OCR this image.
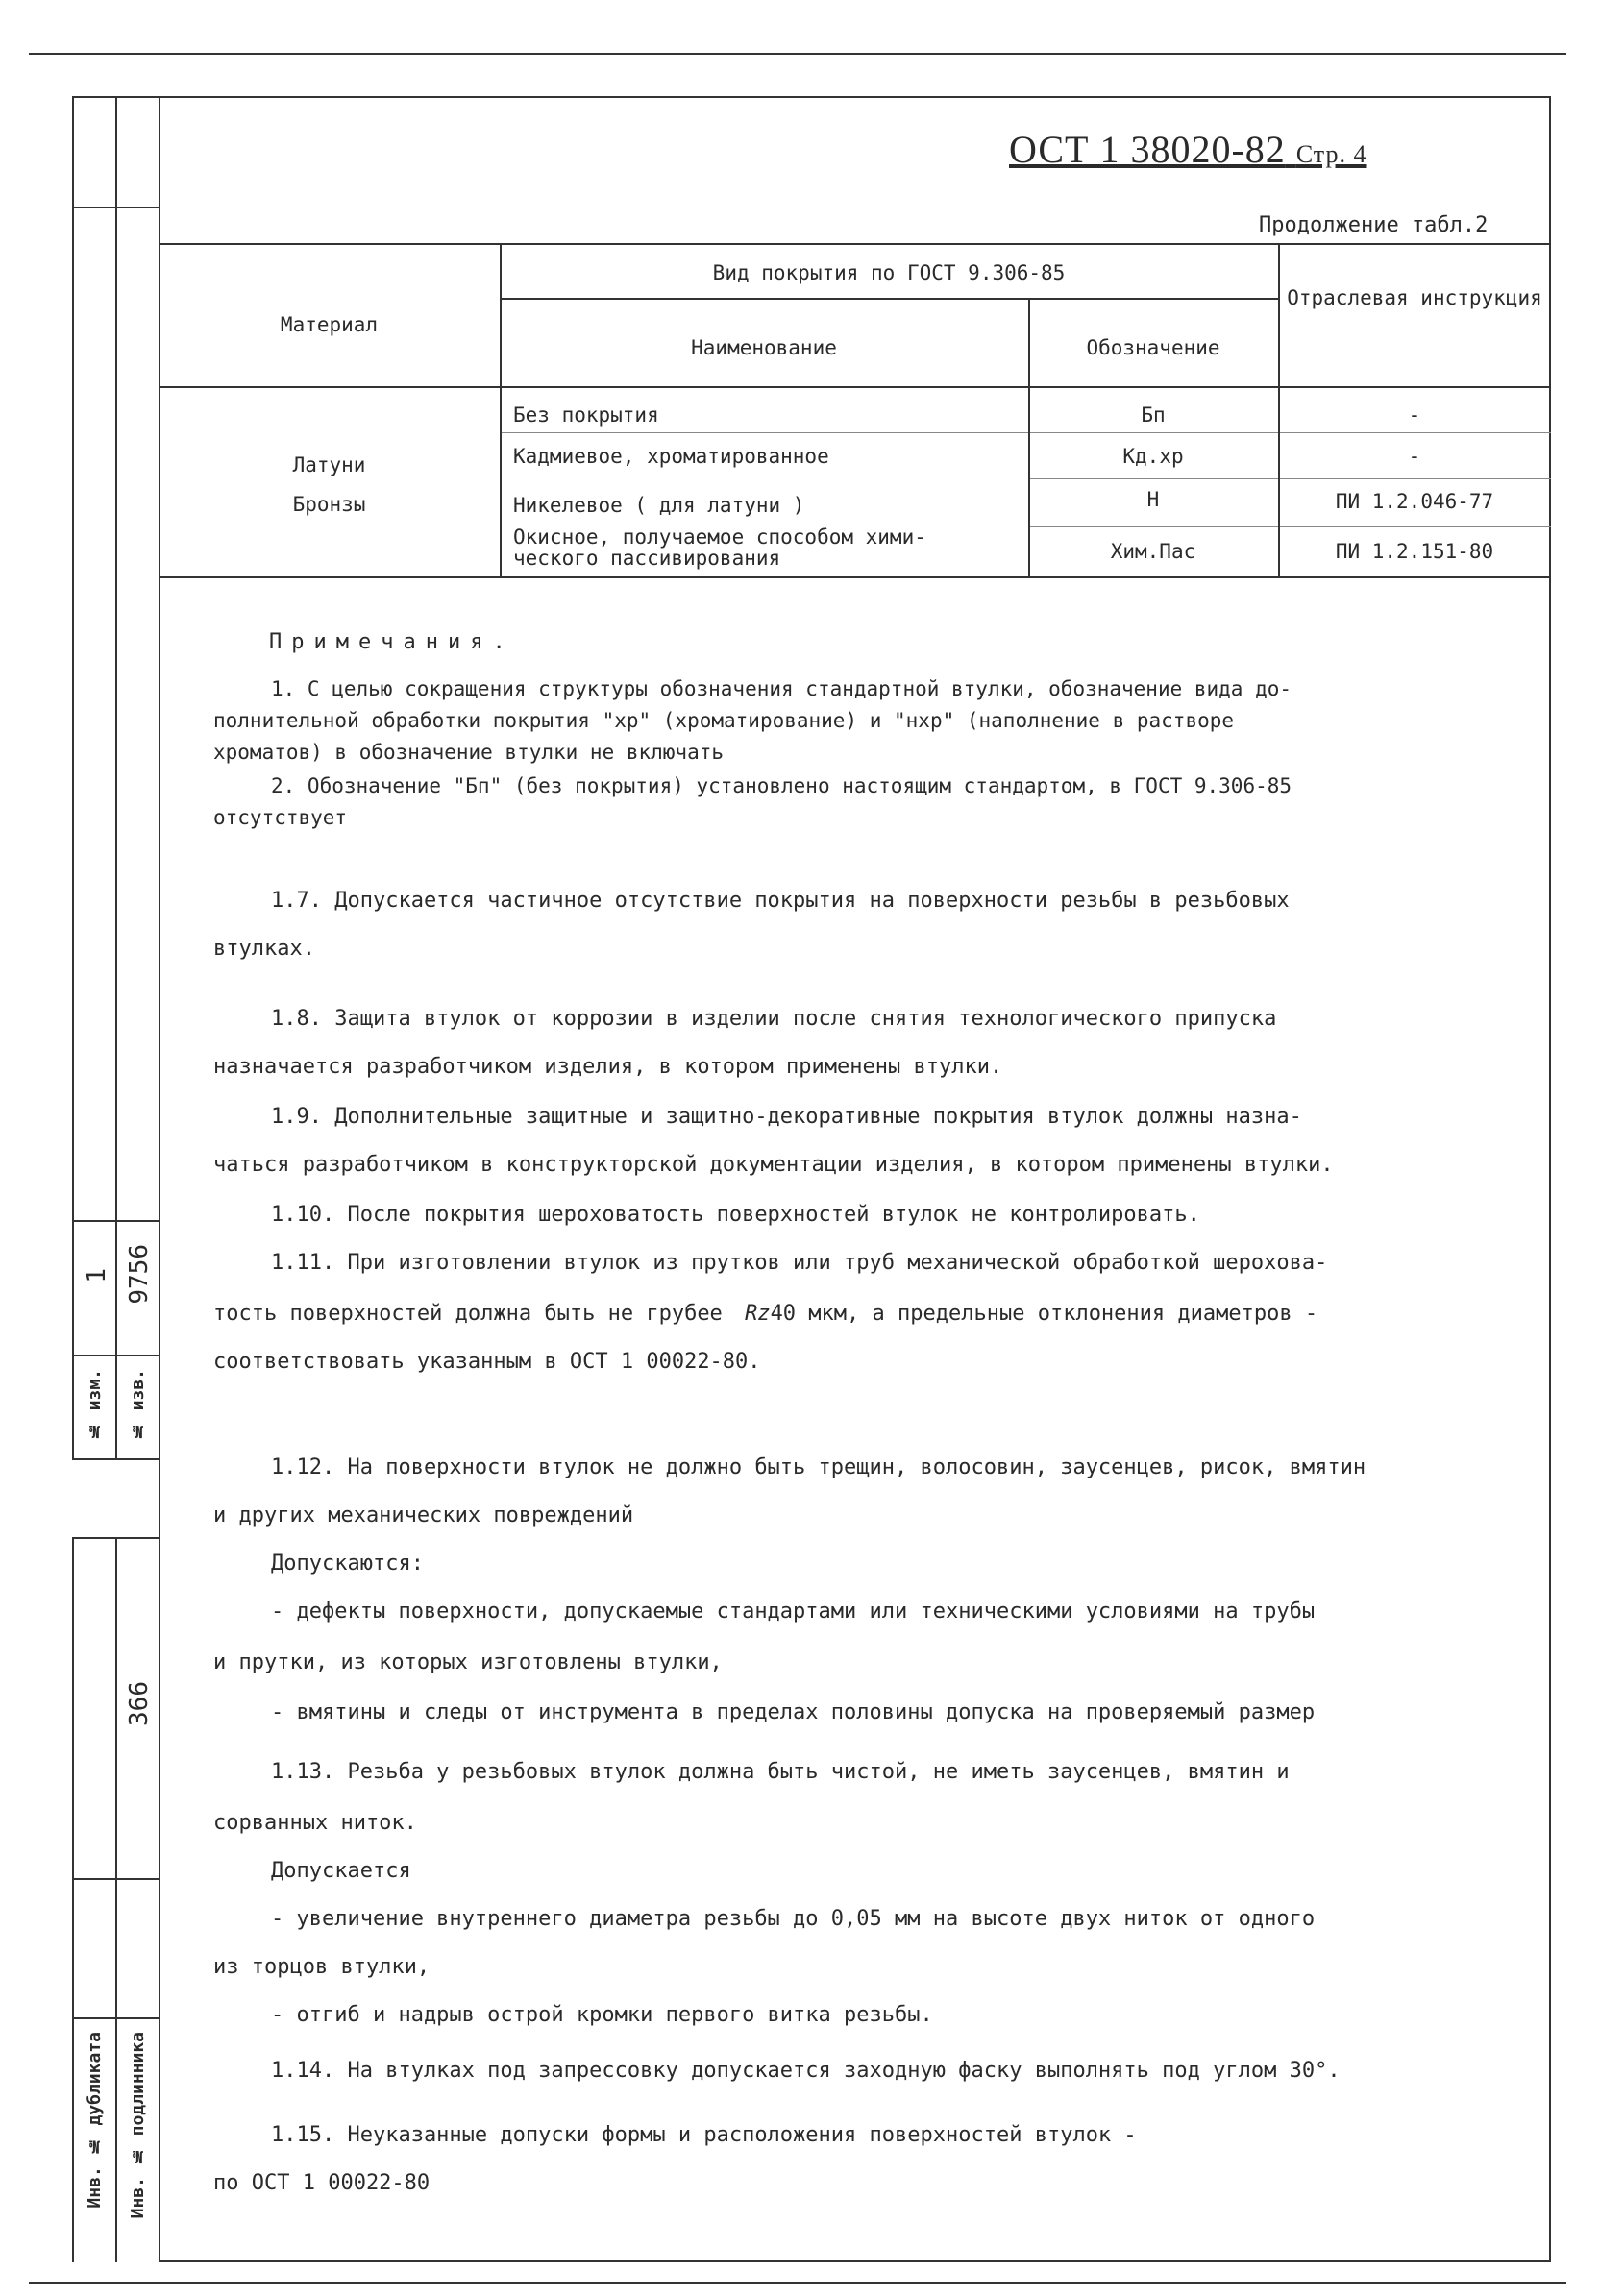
1 9756
№ изм. № изв.
366
Инв. № дубликата Инв. № подлинника
ОСТ 1 38020-82 Стр. 4
Продолжение табл.2
Материал
Вид покрытия по ГОСТ 9.306-85
Наименование	Обозначение
Отраслевая инструкция
Латуни
Бронзы
Без покрытия	Бп	-
Кадмиевое, хроматированное	Кд.хр	-
Никелевое ( для латуни )	Н	ПИ 1.2.046-77
Окисное, получаемое способом хими-
ческого пассивирования	Хим.Пас	ПИ 1.2.151-80
Примечания.
1. С целью сокращения структуры обозначения стандартной втулки, обозначение вида до-
полнительной обработки покрытия "хр" (хроматирование) и "нхр" (наполнение в растворе
хроматов) в обозначение втулки не включать
2. Обозначение "Бп" (без покрытия) установлено настоящим стандартом, в ГОСТ 9.306-85
отсутствует
1.7. Допускается частичное отсутствие покрытия на поверхности резьбы в резьбовых
втулках.
1.8. Защита втулок от коррозии в изделии после снятия технологического припуска
назначается разработчиком изделия, в котором применены втулки.
1.9. Дополнительные защитные и защитно-декоративные покрытия втулок должны назна-
чаться разработчиком в конструкторской документации изделия, в котором применены втулки.
1.10. После покрытия шероховатость поверхностей втулок не контролировать.
1.11. При изготовлении втулок из прутков или труб механической обработкой шерохова-
тость поверхностей должна быть не грубее Rz40 мкм, а предельные отклонения диаметров -
соответствовать указанным в ОСТ 1 00022-80.
1.12. На поверхности втулок не должно быть трещин, волосовин, заусенцев, рисок, вмятин
и других механических повреждений
Допускаются:
- дефекты поверхности, допускаемые стандартами или техническими условиями на трубы
и прутки, из которых изготовлены втулки,
- вмятины и следы от инструмента в пределах половины допуска на проверяемый размер
1.13. Резьба у резьбовых втулок должна быть чистой, не иметь заусенцев, вмятин и
сорванных ниток.
Допускается
- увеличение внутреннего диаметра резьбы до 0,05 мм на высоте двух ниток от одного
из торцов втулки,
- отгиб и надрыв острой кромки первого витка резьбы.
1.14. На втулках под запрессовку допускается заходную фаску выполнять под углом 30°.
1.15. Неуказанные допуски формы и расположения поверхностей втулок -
по ОСТ 1 00022-80
